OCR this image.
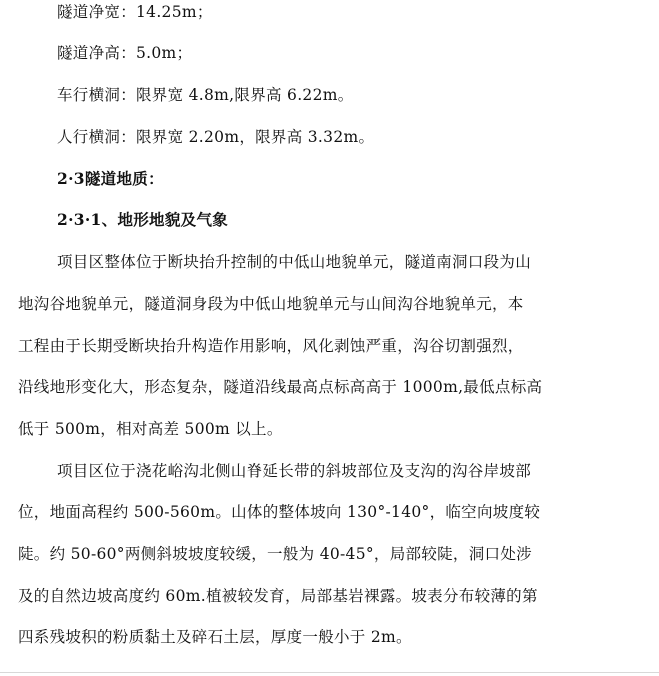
隧道净宽：14.25m；
隧道净高：5.0m；
车行横洞：限界宽 4.8m,限界高 6.22m。
人行横洞：限界宽 2.20m，限界高 3.32m。
2·3隧道地质：
2·3·1、地形地貌及气象
项目区整体位于断块抬升控制的中低山地貌单元，隧道南洞口段为山
地沟谷地貌单元，隧道洞身段为中低山地貌单元与山间沟谷地貌单元，本
工程由于长期受断块抬升构造作用影响，风化剥蚀严重，沟谷切割强烈，
沿线地形变化大，形态复杂，隧道沿线最高点标高高于 1000m,最低点标高
低于 500m，相对高差 500m 以上。
项目区位于浇花峪沟北侧山脊延长带的斜坡部位及支沟的沟谷岸坡部
位，地面高程约 500-560m。山体的整体坡向 130°-140°，临空向坡度较
陡。约 50-60°两侧斜坡坡度较缓，一般为 40-45°，局部较陡，洞口处涉
及的自然边坡高度约 60m.植被较发育，局部基岩裸露。坡表分布较薄的第
四系残坡积的粉质黏土及碎石土层，厚度一般小于 2m。
